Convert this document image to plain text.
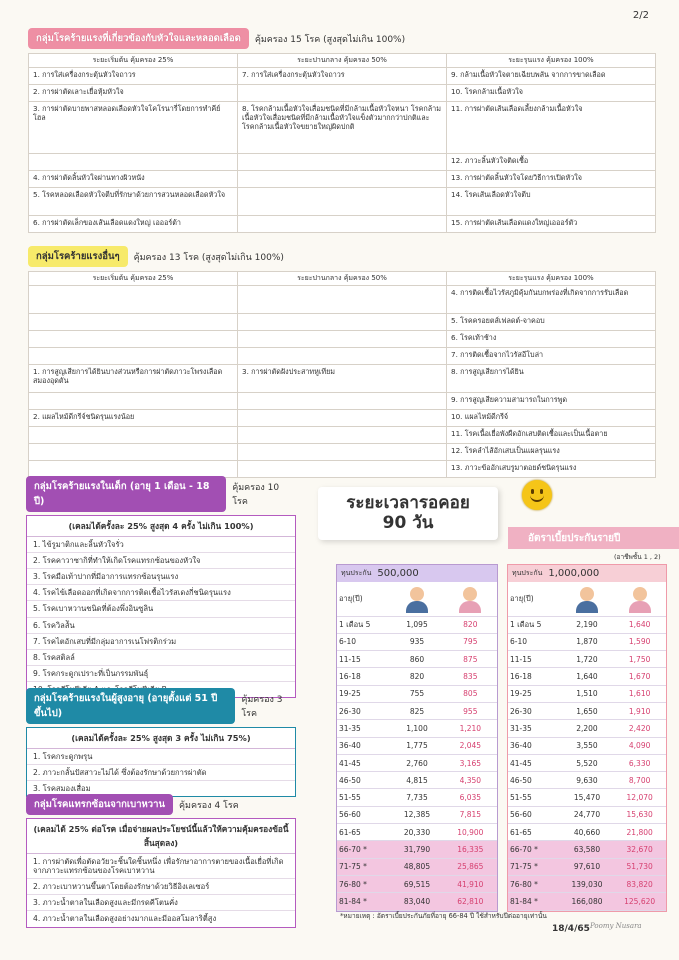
2/2
กลุ่มโรคร้ายแรงที่เกี่ยวข้องกับหัวใจและหลอดเลือด	คุ้มครอง 15 โรค (สูงสุดไม่เกิน 100%)
ระยะเริ่มต้น คุ้มครอง 25%	ระยะปานกลาง คุ้มครอง 50%	ระยะรุนแรง คุ้มครอง 100%
1. การใส่เครื่องกระตุ้นหัวใจถาวร	7. การใส่เครื่องกระตุ้นหัวใจถาวร	9. กล้ามเนื้อหัวใจตายเฉียบพลัน จากการขาดเลือด
2. การผ่าตัดเลาะเยื่อหุ้มหัวใจ		10. โรคกล้ามเนื้อหัวใจ
3. การผ่าตัดบายพาสหลอดเลือดหัวใจโคโรนารี่โดยการทำคีย์โฮล	8. โรคกล้ามเนื้อหัวใจเสื่อมชนิดที่มีกล้ามเนื้อหัวใจหนา โรคกล้ามเนื้อหัวใจเสื่อมชนิดที่มีกล้ามเนื้อหัวใจแข็งตัวมากกว่าปกติและโรคกล้ามเนื้อหัวใจขยายใหญ่ผิดปกติ	11. การผ่าตัดเส้นเลือดเลี้ยงกล้ามเนื้อหัวใจ
		12. ภาวะลิ้นหัวใจติดเชื้อ
4. การผ่าตัดลิ้นหัวใจผ่านทางผิวหนัง		13. การผ่าตัดลิ้นหัวใจโดยวิธีการเปิดหัวใจ
5. โรคหลอดเลือดหัวใจตีบที่รักษาด้วยการสวนหลอดเลือดหัวใจ		14. โรคเส้นเลือดหัวใจตีบ
6. การผ่าตัดเล็กของเส้นเลือดแดงใหญ่ เอออร์ต้า		15. การผ่าตัดเส้นเลือดแดงใหญ่เอออร์ตัว
กลุ่มโรคร้ายแรงอื่นๆ	คุ้มครอง 13 โรค (สูงสุดไม่เกิน 100%)
ระยะเริ่มต้น คุ้มครอง 25%	ระยะปานกลาง คุ้มครอง 50%	ระยะรุนแรง คุ้มครอง 100%
		4. การติดเชื้อไวรัสภูมิคุ้มกันบกพร่องที่เกิดจากการรับเลือด
		5. โรคครอยตส์เฟลดต์-จาคอบ
		6. โรคเท้าช้าง
		7. การติดเชื้อจากไวรัสอีโบล่า
1. การสูญเสียการได้ยินบางส่วนหรือการผ่าตัดภาวะโพรงเลือดสมองอุดตัน	3. การผ่าตัดฝังประสาทหูเทียม	8. การสูญเสียการได้ยิน
		9. การสูญเสียความสามารถในการพูด
2. แผลไหม้ดีกรีจ์ชนิดรุนแรงน้อย		10. แผลไหม้ดีกรีจ์
		11. โรคเนื้อเยื่อพังผืดอักเสบติดเชื้อและเป็นเนื้อตาย
		12. โรคลำไส้อักเสบเป็นแผลรุนแรง
		13. ภาวะข้ออักเสบรูมาตอยด์ชนิดรุนแรง
กลุ่มโรคร้ายแรงในเด็ก (อายุ 1 เดือน - 18 ปี)
คุ้มครอง 10 โรค
(เคลมได้ครั้งละ 25% สูงสุด 4 ครั้ง ไม่เกิน 100%)
1. ไข้รูมาติกและลิ้นหัวใจรั่ว
2. โรคคาวาซากิที่ทำให้เกิดโรคแทรกซ้อนของหัวใจ
3. โรคมือเท้าปากที่มีอาการแทรกซ้อนรุนแรง
4. โรคไข้เลือดออกที่เกิดจากการติดเชื้อไวรัสเดงกี่ชนิดรุนแรง
5. โรคเบาหวานชนิดที่ต้องพึ่งอินซูลิน
6. โรควิลส์ัน
7. โรคไตอักเสบที่มีกลุ่มอาการเนโฟรติกร่วม
8. โรคสติลล์
9. โรคกระดูกเปราะที่เป็นกรรมพันธุ์
กลุ่มโรคร้ายแรงในผู้สูงอายุ (อายุตั้งแต่ 51 ปีขึ้นไป)
คุ้มครอง 3 โรค
(เคลมได้ครั้งละ 25% สูงสุด 3 ครั้ง ไม่เกิน 75%)
1. โรคกระดูกพรุน
2. ภาวะกลั้นปัสสาวะไม่ได้ ซึ่งต้องรักษาด้วยการผ่าตัด
3. โรคสมองเสื่อม
กลุ่มโรคแทรกซ้อนจากเบาหวาน	คุ้มครอง 4 โรค
(เคลมได้ 25% ต่อโรค เมื่อจ่ายผลประโยชน์นี้แล้วให้ความคุ้มครองข้อนี้สิ้นสุดลง)
1. การผ่าตัดเพื่อตัดอวัยวะชิ้นใดชิ้นหนึ่ง เพื่อรักษาอาการตายของเนื้อเยื่อที่เกิดจากภาวะแทรกซ้อนของโรคเบาหวาน
2. ภาวะเบาหวานขึ้นตาโดยต้องรักษาด้วยวิธีอิงเลเซอร์
3. ภาวะน้ำตาลในเลือดสูงและมีกรดคีโตนคั่ง
4. ภาวะน้ำตาลในเลือดสูงอย่างมากและมีออสโมลาริตี้สูง
ระยะเวลารอคอย
90 วัน
อัตราเบี้ยประกันรายปี
(อาชีพชั้น 1 , 2)
ทุนประกัน 500,000
อายุ(ปี)	

1 เดือน 5	1,095	820
6-10	935	795
11-15	860	875
16-18	820	835
19-25	755	805
26-30	825	955
31-35	1,100	1,210
36-40	1,775	2,045
41-45	2,760	3,165
46-50	4,815	4,350
51-55	7,735	6,035
56-60	12,385	7,815
61-65	20,330	10,900
66-70 *	31,790	16,335
71-75 *	48,805	25,865
76-80 *	69,515	41,910
81-84 *	83,040	62,810
ทุนประกัน 1,000,000
อายุ(ปี)	

1 เดือน 5	2,190	1,640
6-10	1,870	1,590
11-15	1,720	1,750
16-18	1,640	1,670
19-25	1,510	1,610
26-30	1,650	1,910
31-35	2,200	2,420
36-40	3,550	4,090
41-45	5,520	6,330
46-50	9,630	8,700
51-55	15,470	12,070
56-60	24,770	15,630
61-65	40,660	21,800
66-70 *	63,580	32,670
71-75 *	97,610	51,730
76-80 *	139,030	83,820
81-84 *	166,080	125,620
*หมายเหตุ : อัตราเบี้ยประกันภัยที่อายุ 66-84 ปี ใช้สำหรับปีต่ออายุเท่านั้น
18/4/65 Poomy Nusara
